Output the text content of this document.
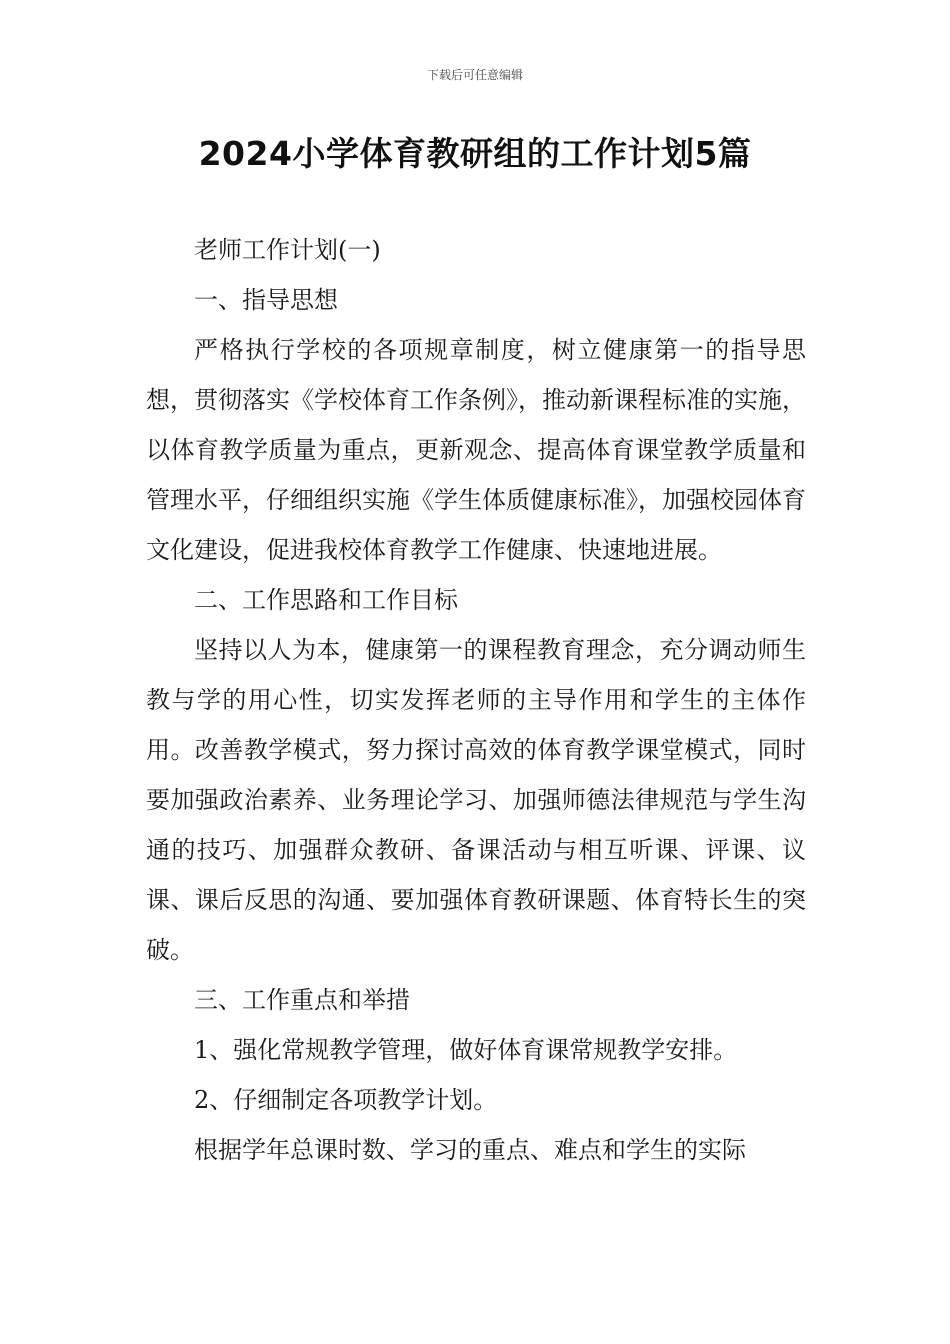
下载后可任意编辑
2024小学体育教研组的工作计划5篇

老师工作计划(一)

一、指导思想

严格执行学校的各项规章制度，树立健康第一的指导思想，贯彻落实《学校体育工作条例》，推动新课程标准的实施，以体育教学质量为重点，更新观念、提高体育课堂教学质量和管理水平，仔细组织实施《学生体质健康标准》，加强校园体育文化建设，促进我校体育教学工作健康、快速地进展。

二、工作思路和工作目标

坚持以人为本，健康第一的课程教育理念，充分调动师生教与学的用心性，切实发挥老师的主导作用和学生的主体作用。改善教学模式，努力探讨高效的体育教学课堂模式，同时要加强政治素养、业务理论学习、加强师德法律规范与学生沟通的技巧、加强群众教研、备课活动与相互听课、评课、议课、课后反思的沟通、要加强体育教研课题、体育特长生的突破。

三、工作重点和举措

1、强化常规教学管理，做好体育课常规教学安排。

2、仔细制定各项教学计划。

根据学年总课时数、学习的重点、难点和学生的实际
